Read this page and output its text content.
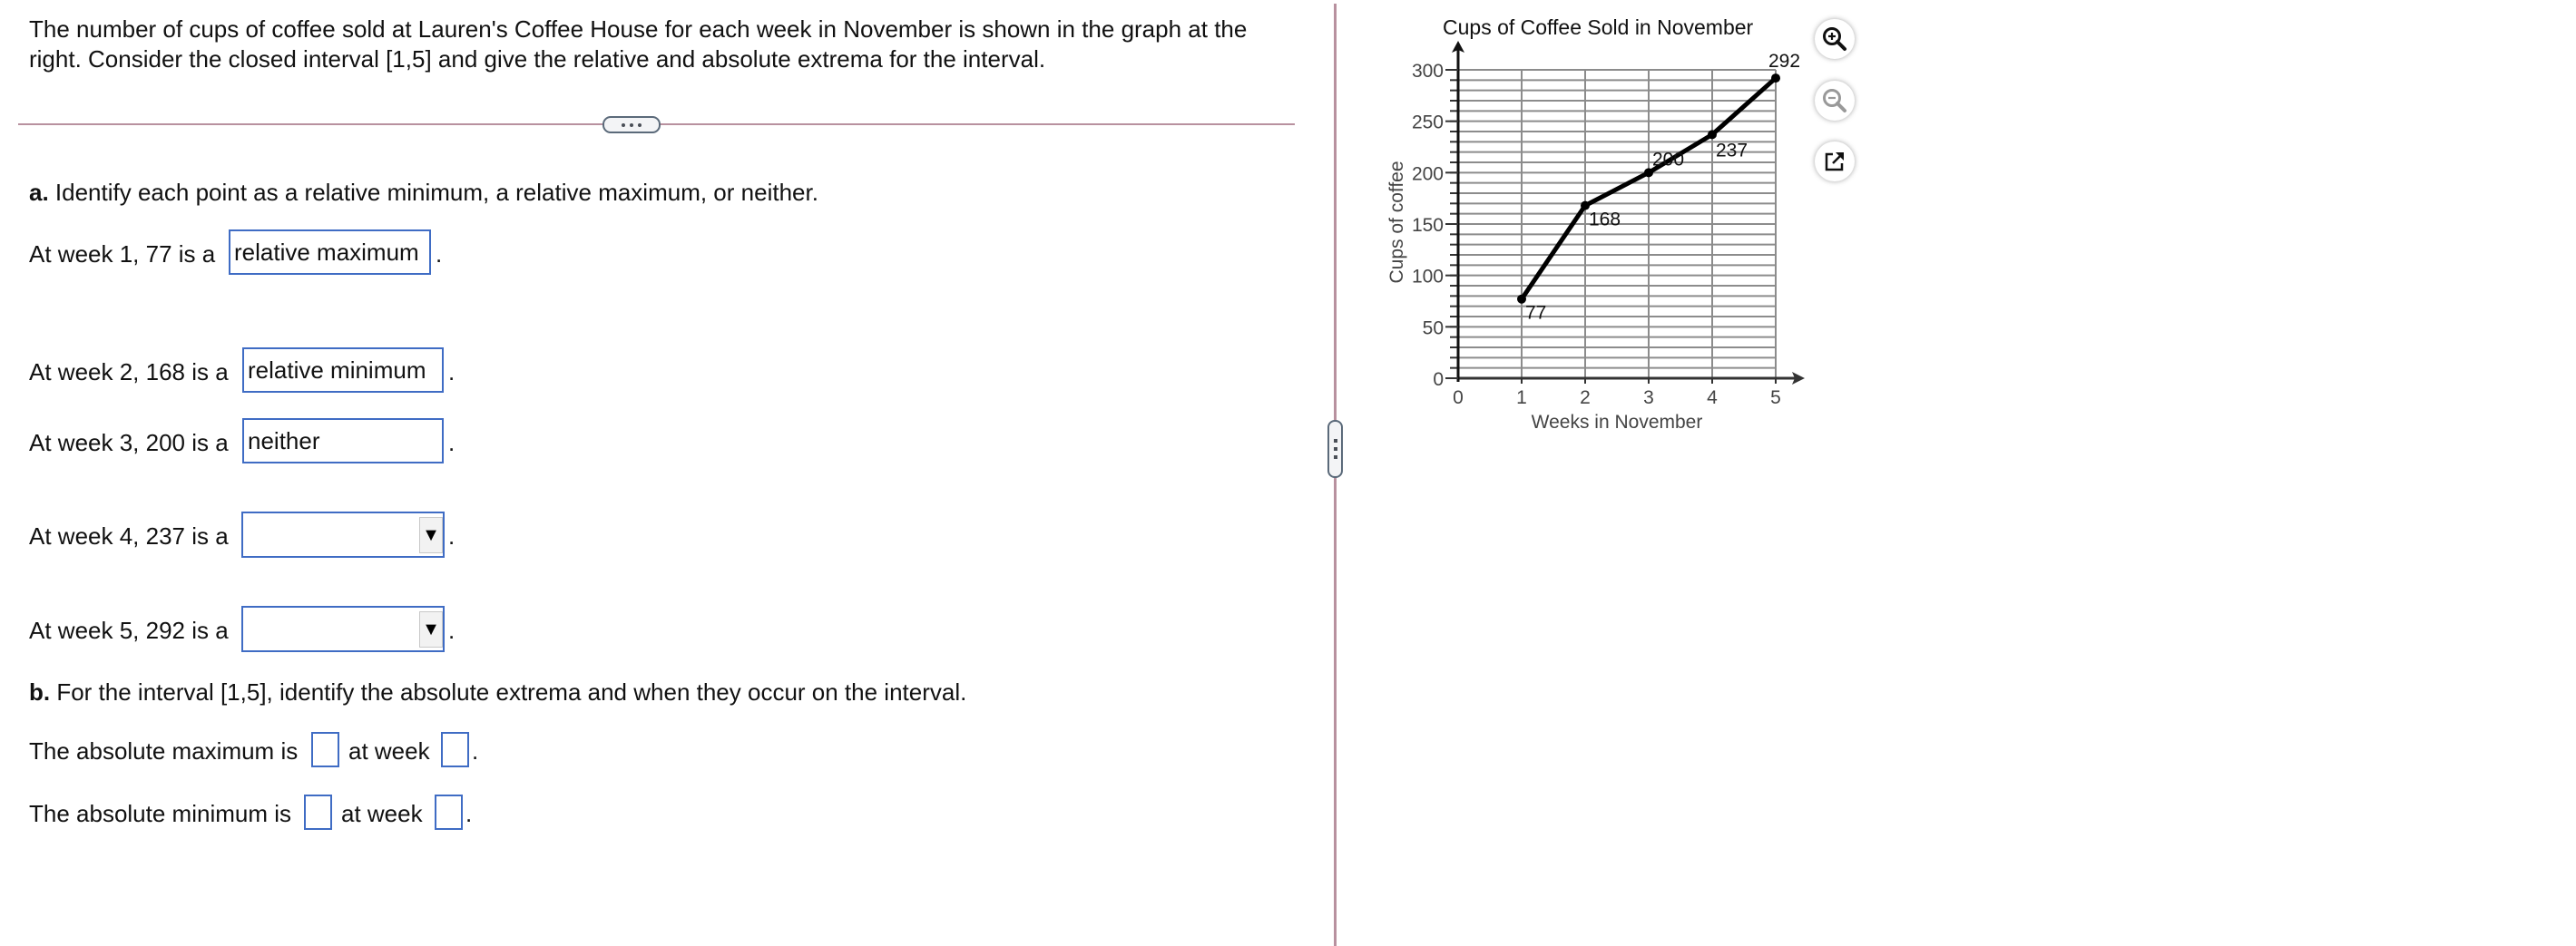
The number of cups of coffee sold at Lauren's Coffee House for each week in November is shown in the graph at the right. Consider the closed interval [1,5] and give the relative and absolute extrema for the interval.
a. Identify each point as a relative minimum, a relative maximum, or neither.
At week 1, 77 is a relative maximum .
At week 2, 168 is a relative minimum .
At week 3, 200 is a neither	.
At week 4, 237 is a	▼ .
At week 5, 292 is a	▼ .
b. For the interval [1,5], identify the absolute extrema and when they occur on the interval.
The absolute maximum is at week .
The absolute minimum is at week .
0
50
100
150
200
250
300
0	1	2	3	4	5
77
168
200 237
292
Cups of Coffee Sold in November
Weeks in November
Cups of coffee
